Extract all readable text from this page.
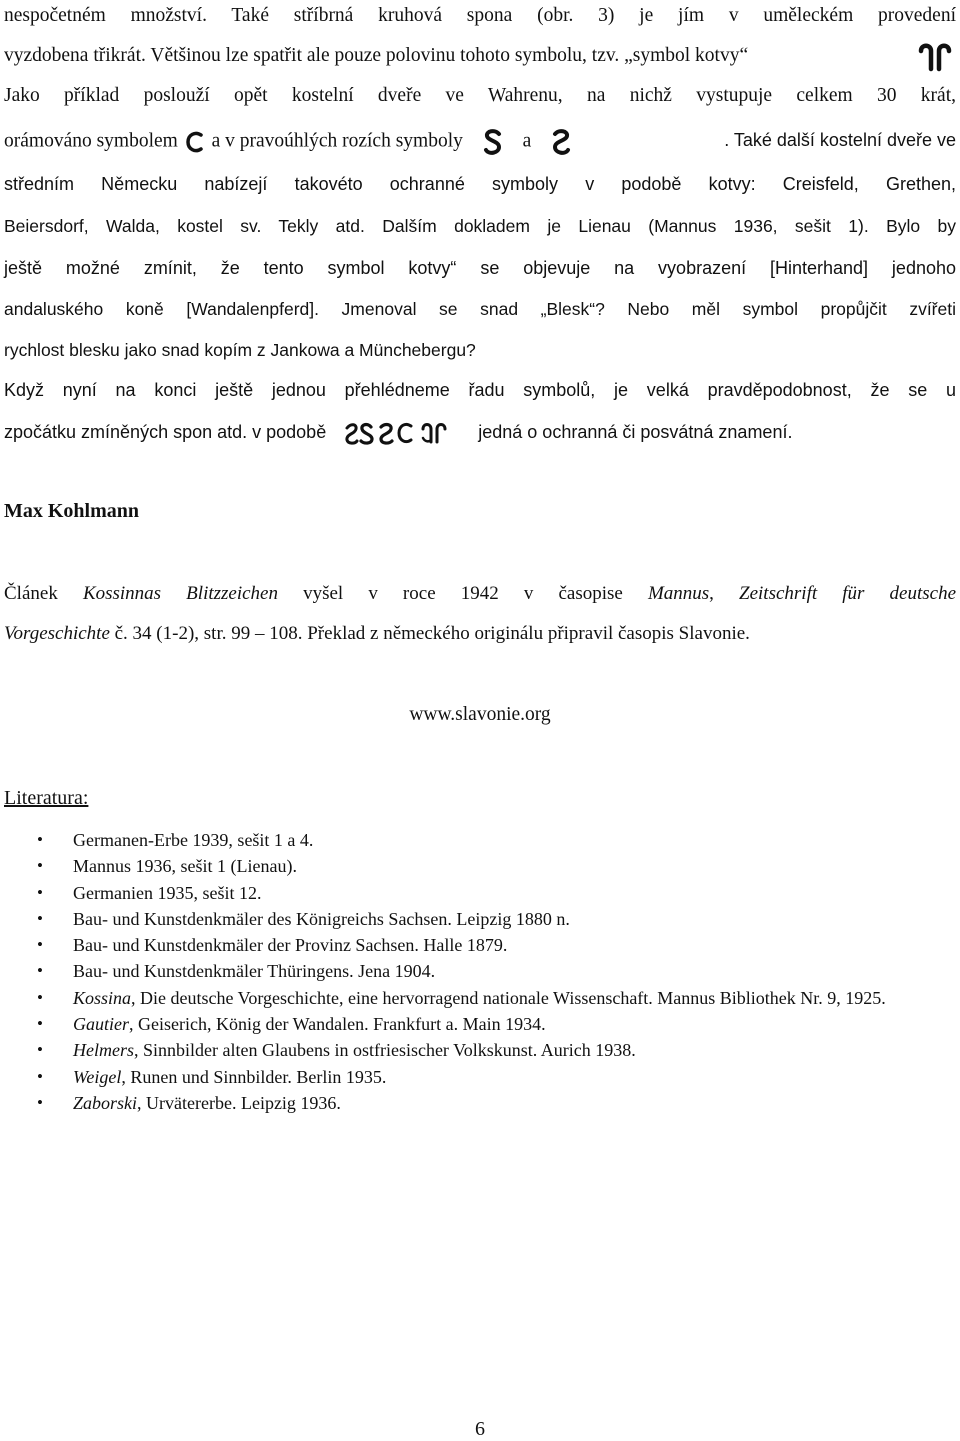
nespočetném množství. Také stříbrná kruhová spona (obr. 3) je jím v uměleckém provedení
vyzdobena třikrát. Většinou lze spatřit ale pouze polovinu tohoto symbolu, tzv. „symbol kotvy“
Jako příklad poslouží opět kostelní dveře ve Wahrenu, na nichž vystupuje celkem 30 krát,
orámováno symbolem a v pravoúhlých rozích symboly	a	. Také další kostelní dveře ve
středním Německu nabízejí takovéto ochranné symboly v podobě kotvy: Creisfeld, Grethen,
Beiersdorf, Walda, kostel sv. Tekly atd. Dalším dokladem je Lienau (Mannus 1936, sešit 1). Bylo by
ještě možné zmínit, že tento symbol kotvy“ se objevuje na vyobrazení [Hinterhand] jednoho
andaluského koně [Wandalenpferd]. Jmenoval se snad „Blesk“? Nebo měl symbol propůjčit zvířeti
rychlost blesku jako snad kopím z Jankowa a Münchebergu?
Když nyní na konci ještě jednou přehlédneme řadu symbolů, je velká pravděpodobnost, že se u
zpočátku zmíněných spon atd. v podobě	jedná o ochranná či posvátná znamení.
Max Kohlmann
Článek Kossinnas Blitzzeichen vyšel v roce 1942 v časopise Mannus, Zeitschrift für deutsche
Vorgeschichte č. 34 (1-2), str. 99 – 108. Překlad z německého originálu připravil časopis Slavonie.
www.slavonie.org
Literatura:
• Germanen-Erbe 1939, sešit 1 a 4.
• Mannus 1936, sešit 1 (Lienau).
• Germanien 1935, sešit 12.
• Bau- und Kunstdenkmäler des Königreichs Sachsen. Leipzig 1880 n.
• Bau- und Kunstdenkmäler der Provinz Sachsen. Halle 1879.
• Bau- und Kunstdenkmäler Thüringens. Jena 1904.
• Kossina, Die deutsche Vorgeschichte, eine hervorragend nationale Wissenschaft. Mannus Bibliothek Nr. 9, 1925.
• Gautier, Geiserich, König der Wandalen. Frankfurt a. Main 1934.
• Helmers, Sinnbilder alten Glaubens in ostfriesischer Volkskunst. Aurich 1938.
• Weigel, Runen und Sinnbilder. Berlin 1935.
• Zaborski, Urvätererbe. Leipzig 1936.
6
